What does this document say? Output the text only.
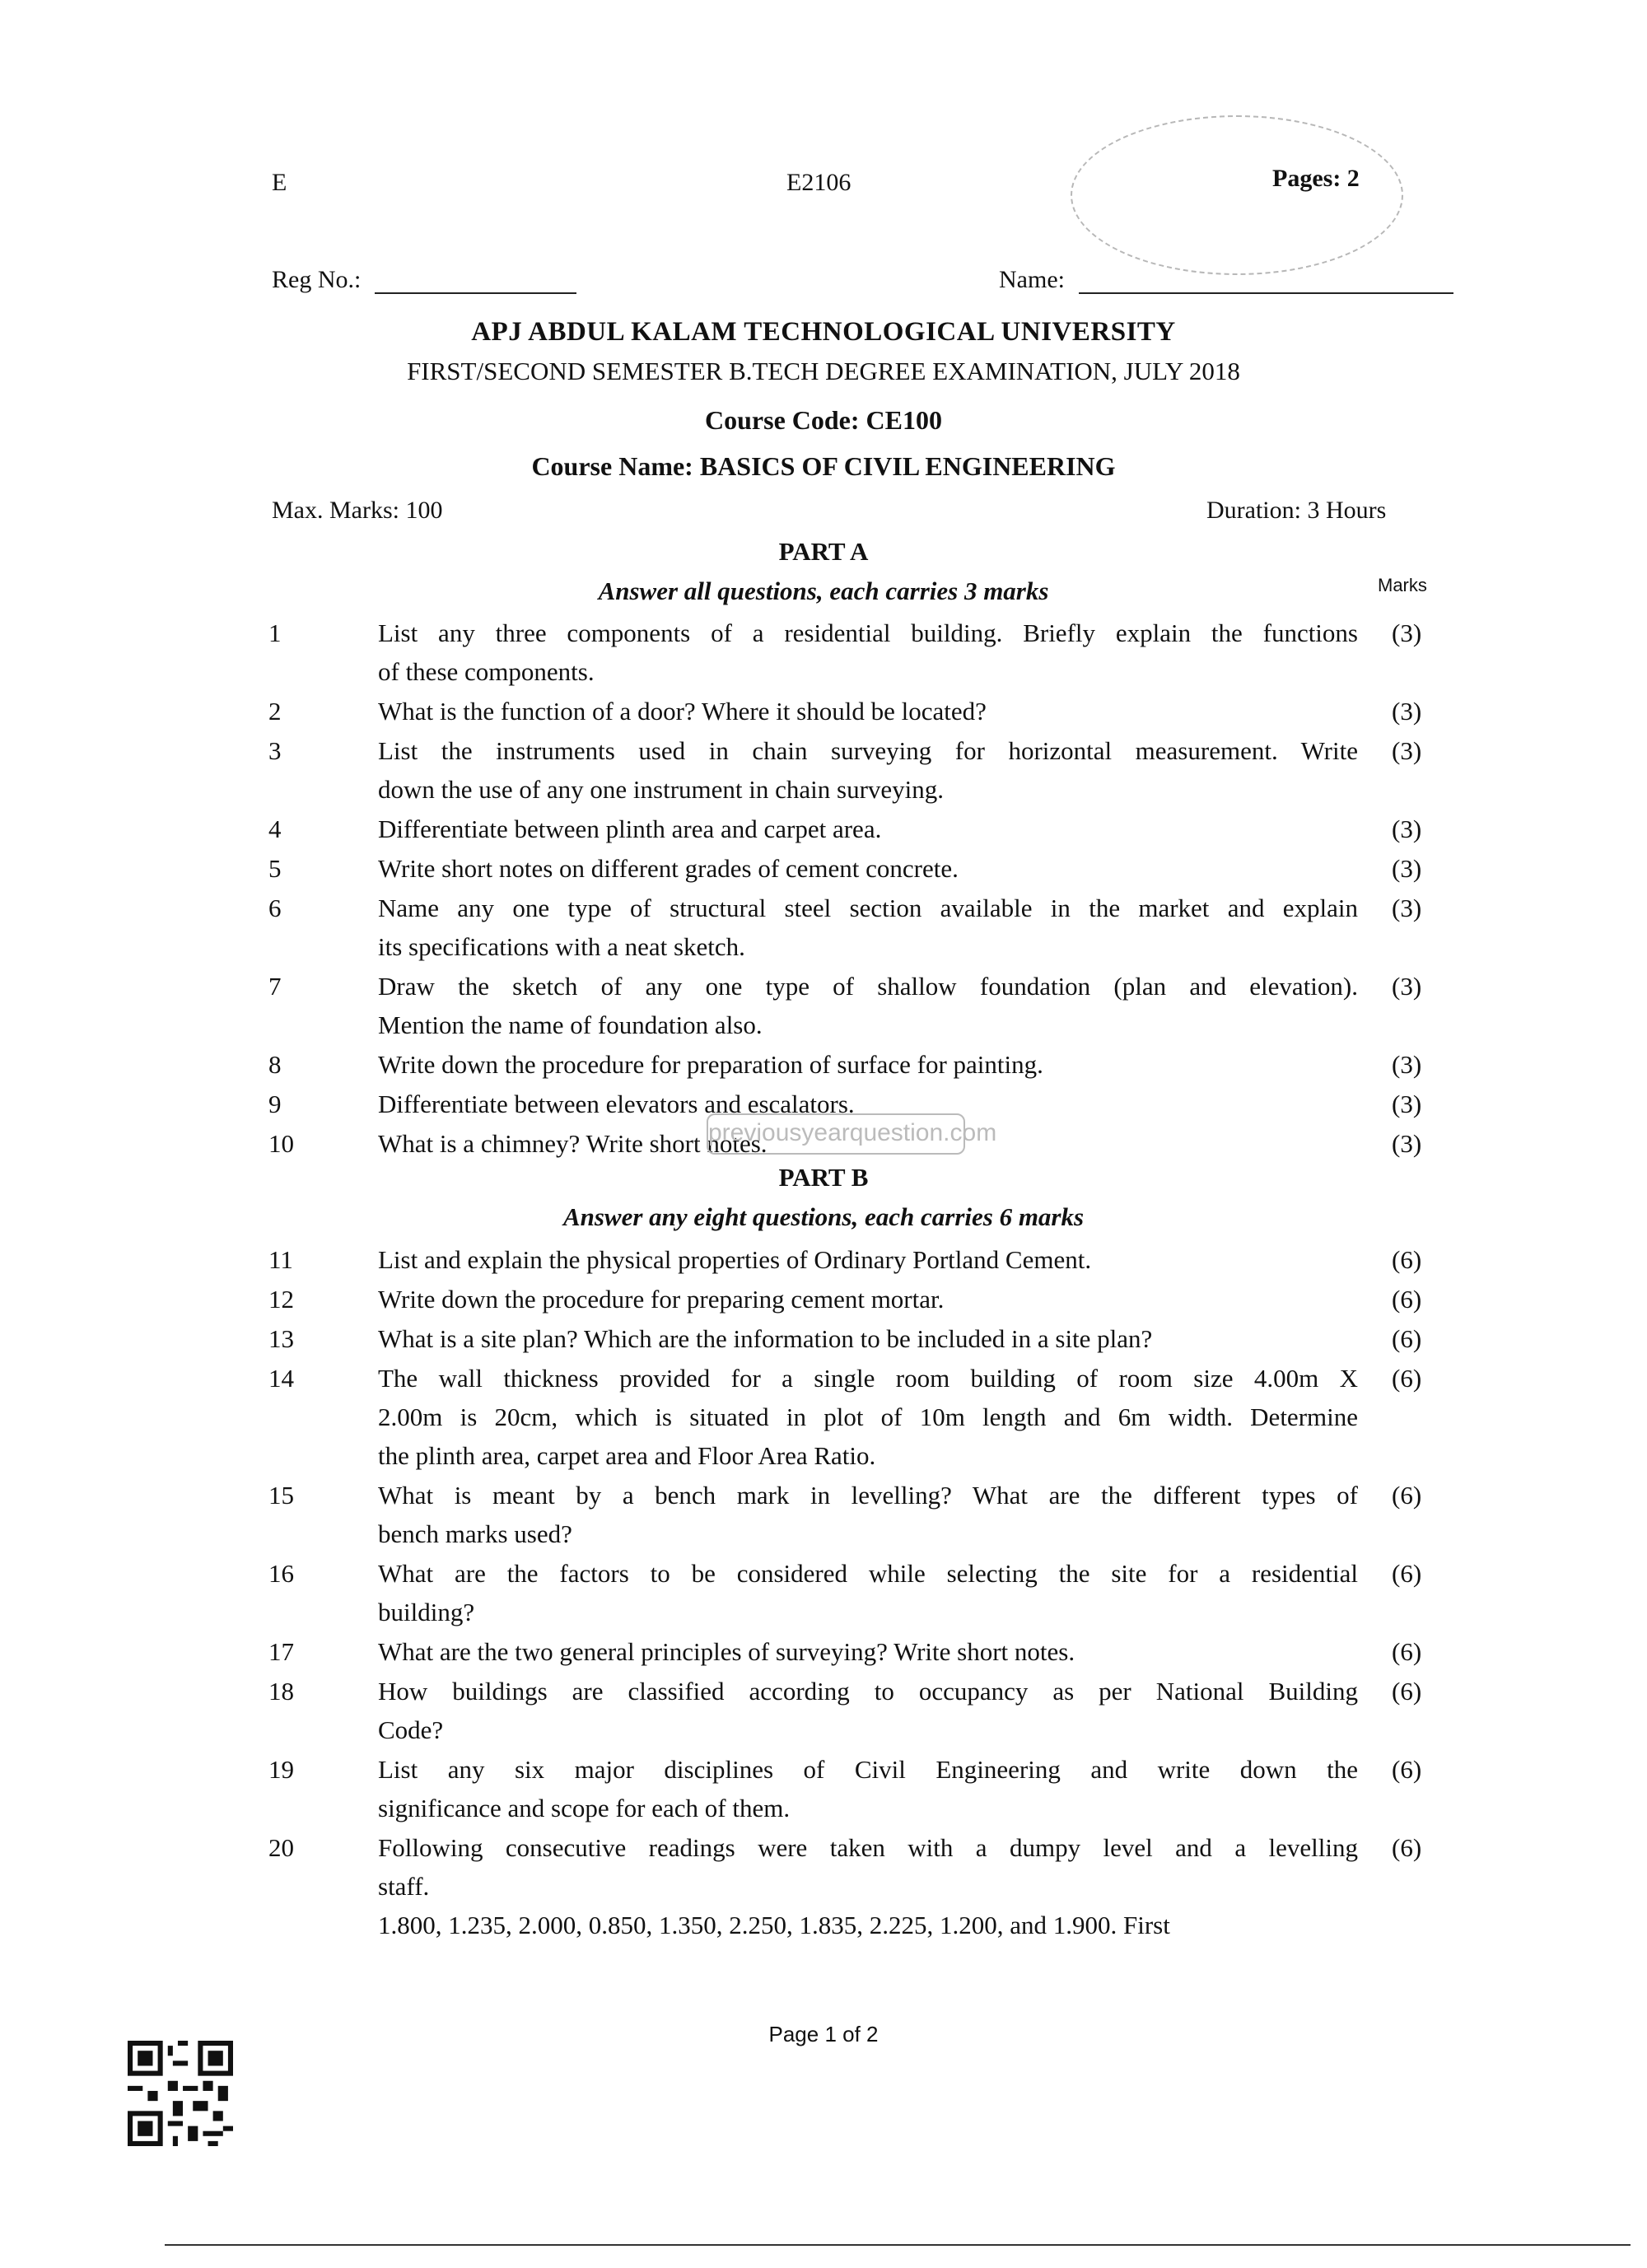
E	E2106	Pages: 2
Reg No.:	Name:
APJ ABDUL KALAM TECHNOLOGICAL UNIVERSITY
FIRST/SECOND SEMESTER B.TECH DEGREE EXAMINATION, JULY 2018
Course Code: CE100
Course Name: BASICS OF CIVIL ENGINEERING
Max. Marks: 100	Duration: 3 Hours
PART A
Answer all questions, each carries 3 marks	Marks
1	List any three components of a residential building. Briefly explain the functions
of these components.
(3)
2	What is the function of a door? Where it should be located?	(3)
3	List the instruments used in chain surveying for horizontal measurement. Write
down the use of any one instrument in chain surveying.
(3)
4	Differentiate between plinth area and carpet area.	(3)
5	Write short notes on different grades of cement concrete.	(3)
6	Name any one type of structural steel section available in the market and explain
its specifications with a neat sketch.
(3)
7	Draw the sketch of any one type of shallow foundation (plan and elevation).
Mention the name of foundation also.
(3)
8	Write down the procedure for preparation of surface for painting.	(3)
9	Differentiate between elevators and escalators.	(3)
10	What is a chimney? Write short notes.	(3)
PART B
Answer any eight questions, each carries 6 marks
11	List and explain the physical properties of Ordinary Portland Cement.	(6)
12	Write down the procedure for preparing cement mortar.	(6)
13	What is a site plan? Which are the information to be included in a site plan?	(6)
14	The wall thickness provided for a single room building of room size 4.00m X
2.00m is 20cm, which is situated in plot of 10m length and 6m width. Determine
the plinth area, carpet area and Floor Area Ratio.
(6)
15	What is meant by a bench mark in levelling? What are the different types of
bench marks used?
(6)
16	What are the factors to be considered while selecting the site for a residential
building?
(6)
17	What are the two general principles of surveying? Write short notes.	(6)
18	How buildings are classified according to occupancy as per National Building
Code?
(6)
19	List any six major disciplines of Civil Engineering and write down the
significance and scope for each of them.
(6)
20	Following consecutive readings were taken with a dumpy level and a levelling
staff.
1.800, 1.235, 2.000, 0.850, 1.350, 2.250, 1.835, 2.225, 1.200, and 1.900. First
(6)
previousyearquestion.com
Page 1 of 2
